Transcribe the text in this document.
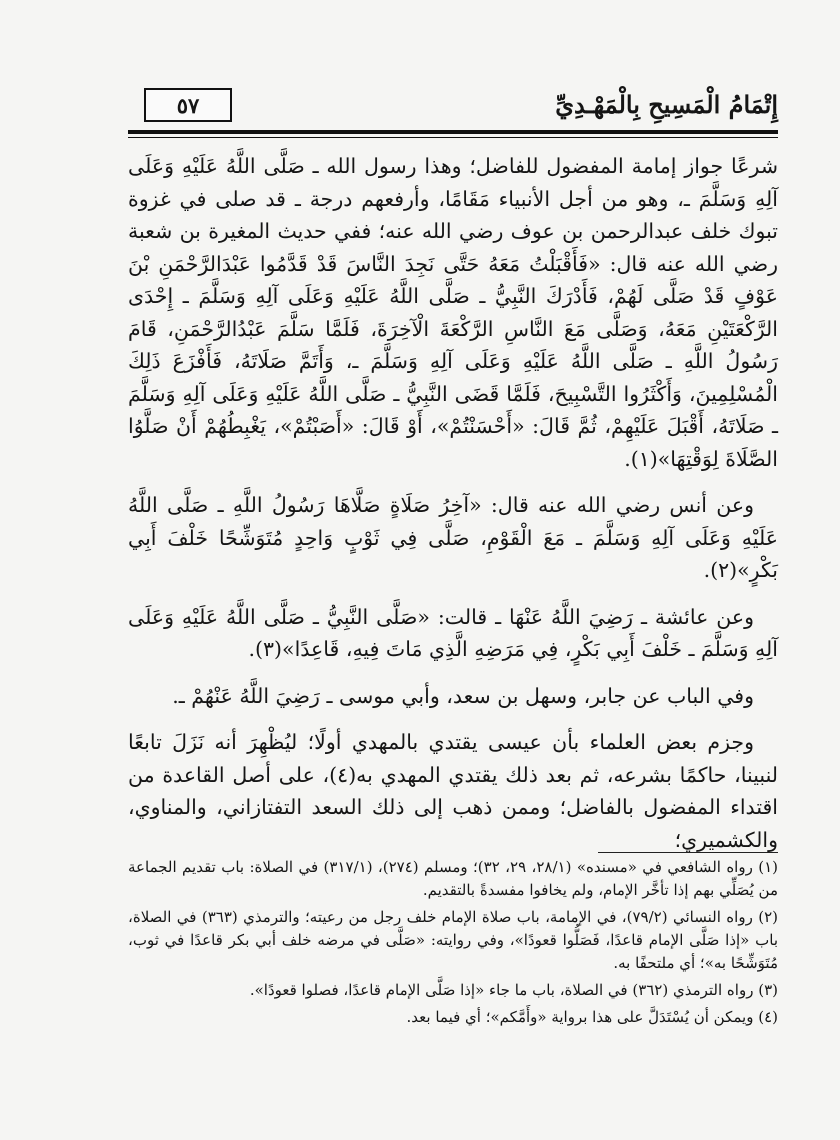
إِتْمَامُ الْمَسِيحِ بِالْمَهْـدِيِّ
٥٧

شرعًا جواز إمامة المفضول للفاضل؛ وهذا رسول الله ـ صَلَّى اللَّهُ عَلَيْهِ وَعَلَى آلِهِ وَسَلَّمَ ـ، وهو من أجل الأنبياء مَقَامًا، وأرفعهم درجة ـ قد صلى في غزوة تبوك خلف عبدالرحمن بن عوف رضي الله عنه؛ ففي حديث المغيرة بن شعبة رضي الله عنه قال: «فَأَقْبَلْتُ مَعَهُ حَتَّى نَجِدَ النَّاسَ قَدْ قَدَّمُوا عَبْدَالرَّحْمَنِ بْنَ عَوْفٍ قَدْ صَلَّى لَهُمْ، فَأَدْرَكَ النَّبِيُّ ـ صَلَّى اللَّهُ عَلَيْهِ وَعَلَى آلِهِ وَسَلَّمَ ـ إِحْدَى الرَّكْعَتَيْنِ مَعَهُ، وَصَلَّى مَعَ النَّاسِ الرَّكْعَةَ الْآخِرَةَ، فَلَمَّا سَلَّمَ عَبْدُالرَّحْمَنِ، قَامَ رَسُولُ اللَّهِ ـ صَلَّى اللَّهُ عَلَيْهِ وَعَلَى آلِهِ وَسَلَّمَ ـ، وَأَتَمَّ صَلَاتَهُ، فَأَفْزَعَ ذَلِكَ الْمُسْلِمِينَ، وَأَكْثَرُوا التَّسْبِيحَ، فَلَمَّا قَضَى النَّبِيُّ ـ صَلَّى اللَّهُ عَلَيْهِ وَعَلَى آلِهِ وَسَلَّمَ ـ صَلَاتَهُ، أَقْبَلَ عَلَيْهِمْ، ثُمَّ قَالَ: «أَحْسَنْتُمْ»، أَوْ قَالَ: «أَصَبْتُمْ»، يَغْبِطُهُمْ أَنْ صَلَّوُا الصَّلَاةَ لِوَقْتِهَا»(١).

وعن أنس رضي الله عنه قال: «آخِرُ صَلَاةٍ صَلَّاهَا رَسُولُ اللَّهِ ـ صَلَّى اللَّهُ عَلَيْهِ وَعَلَى آلِهِ وَسَلَّمَ ـ مَعَ الْقَوْمِ، صَلَّى فِي ثَوْبٍ وَاحِدٍ مُتَوَشِّحًا خَلْفَ أَبِي بَكْرٍ»(٢).

وعن عائشة ـ رَضِيَ اللَّهُ عَنْهَا ـ قالت: «صَلَّى النَّبِيُّ ـ صَلَّى اللَّهُ عَلَيْهِ وَعَلَى آلِهِ وَسَلَّمَ ـ خَلْفَ أَبِي بَكْرٍ، فِي مَرَضِهِ الَّذِي مَاتَ فِيهِ، قَاعِدًا»(٣).

وفي الباب عن جابر، وسهل بن سعد، وأبي موسى ـ رَضِيَ اللَّهُ عَنْهُمْ ـ.

وجزم بعض العلماء بأن عيسى يقتدي بالمهدي أولًا؛ ليُظْهِرَ أنه نَزَلَ تابعًا لنبينا، حاكمًا بشرعه، ثم بعد ذلك يقتدي المهدي به(٤)، على أصل القاعدة من اقتداء المفضول بالفاضل؛ وممن ذهب إلى ذلك السعد التفتازاني، والمناوي، والكشميري؛

(١) رواه الشافعي في «مسنده» (٢٨/١، ٢٩، ٣٢)؛ ومسلم (٢٧٤)، (٣١٧/١) في الصلاة: باب تقديم الجماعة من يُصَلِّي بهم إذا تأخَّر الإمام، ولم يخافوا مفسدةً بالتقديم.

(٢) رواه النسائي (٧٩/٢)، في الإمامة، باب صلاة الإمام خلف رجل من رعيته؛ والترمذي (٣٦٣) في الصلاة، باب «إذا صَلَّى الإمام قاعدًا، فَصَلُّوا قعودًا»، وفي روايته: «صَلَّى في مرضه خلف أبي بكر قاعدًا في ثوب، مُتَوَشِّحًا به»؛ أي ملتحفًا به.

(٣) رواه الترمذي (٣٦٢) في الصلاة، باب ما جاء «إذا صَلَّى الإمام قاعدًا، فصلوا قعودًا».

(٤) ويمكن أن يُسْتَدَلَّ على هذا برواية «وأَمَّكم»؛ أي فيما بعد.
